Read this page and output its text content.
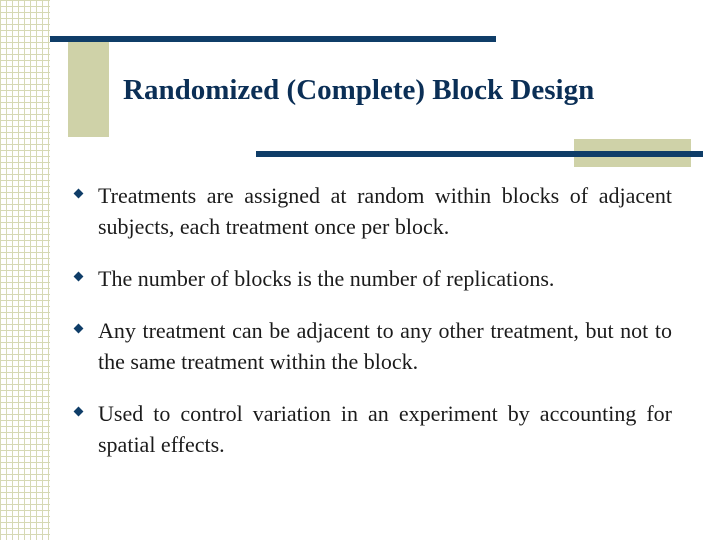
Randomized (Complete) Block Design
Treatments are assigned at random within blocks of adjacent subjects, each treatment once per block.
The number of blocks is the number of replications.
Any treatment can be adjacent to any other treatment, but not to the same treatment within the block.
Used to control variation in an experiment by accounting for spatial effects.
